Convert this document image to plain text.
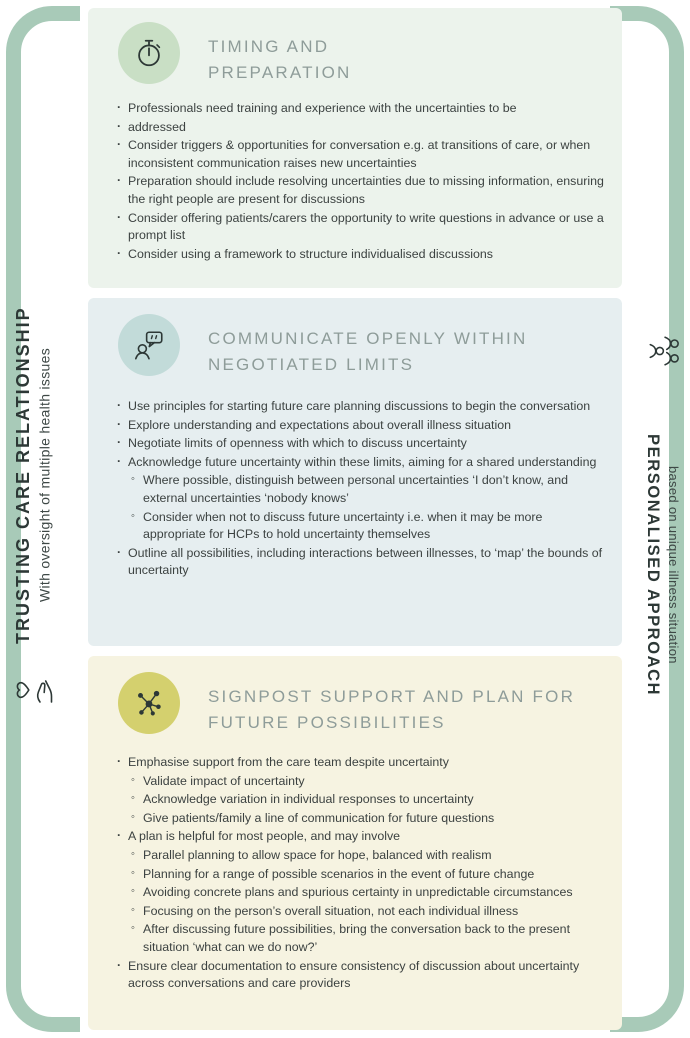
TRUSTING CARE RELATIONSHIP With oversight of multiple health issues	PERSONALISED APPROACH based on unique illness situation
TIMING AND
PREPARATION
· Professionals need training and experience with the uncertainties to be
· addressed
· Consider triggers & opportunities for conversation e.g. at transitions of care, or when inconsistent communication raises new uncertainties
· Preparation should include resolving uncertainties due to missing information, ensuring the right people are present for discussions
· Consider offering patients/carers the opportunity to write questions in advance or use a prompt list
· Consider using a framework to structure individualised discussions
COMMUNICATE OPENLY WITHIN
NEGOTIATED LIMITS
· Use principles for starting future care planning discussions to begin the conversation
· Explore understanding and expectations about overall illness situation
· Negotiate limits of openness with which to discuss uncertainty
· Acknowledge future uncertainty within these limits, aiming for a shared understanding
◦ Where possible, distinguish between personal uncertainties ‘I don’t know, and external uncertainties ‘nobody knows’
◦ Consider when not to discuss future uncertainty i.e. when it may be more appropriate for HCPs to hold uncertainty themselves
· Outline all possibilities, including interactions between illnesses, to ‘map’ the bounds of uncertainty
SIGNPOST SUPPORT AND PLAN FOR
FUTURE POSSIBILITIES
· Emphasise support from the care team despite uncertainty
◦ Validate impact of uncertainty
◦ Acknowledge variation in individual responses to uncertainty
◦ Give patients/family a line of communication for future questions
· A plan is helpful for most people, and may involve
◦ Parallel planning to allow space for hope, balanced with realism
◦ Planning for a range of possible scenarios in the event of future change
◦ Avoiding concrete plans and spurious certainty in unpredictable circumstances
◦ Focusing on the person’s overall situation, not each individual illness
◦ After discussing future possibilities, bring the conversation back to the present situation ‘what can we do now?’
· Ensure clear documentation to ensure consistency of discussion about uncertainty across conversations and care providers
